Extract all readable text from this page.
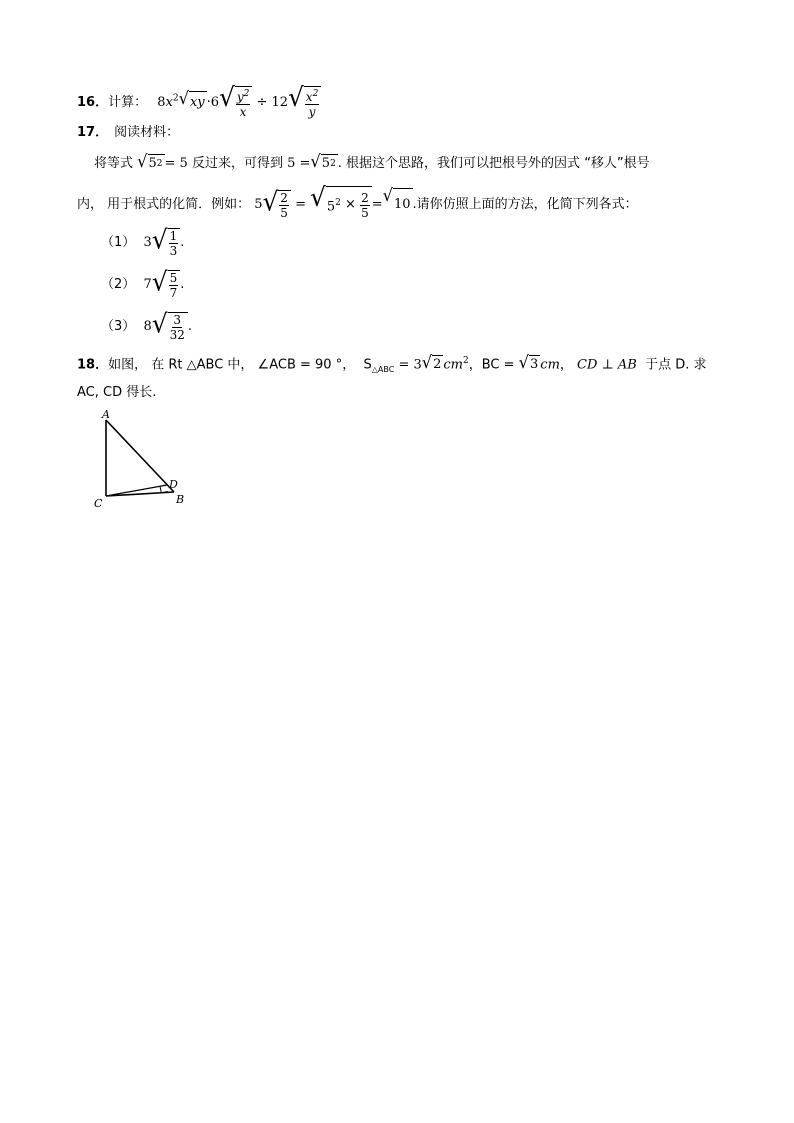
16．计算： $8x^2$ √ xy ·6 √ $\frac{y^2}{x} \div 12$ √ $\frac{x^2}{y}$
17． 阅读材料：
将等式 √ 5 2 = 5 反过来，可得到 5 = √ 5 2 . 根据这个思路，我们可以把根号外的因式 “移人”根号
内， 用于根式的化简．例如： 5 √ $\frac{2}{5}$ = √ $5^2$
×
$\frac{2}{5}$ = √ 10 .请你仿照上面的方法，化简下列各式：
（1） 3 √ $\frac{1}{3}$ .
（2） 7 √ $\frac{5}{7}$ .
（3） 8 √ $\frac{3}{32}$ .
18．如图， 在 Rt △ABC 中， ∠ACB = 90 °， $S_{\triangle ABC} = 3$ √ 2 $cm^2$，BC = √ 3 cm， CD ⊥ AB 于点 D. 求
AC, CD 得长.
A
B
C
D
